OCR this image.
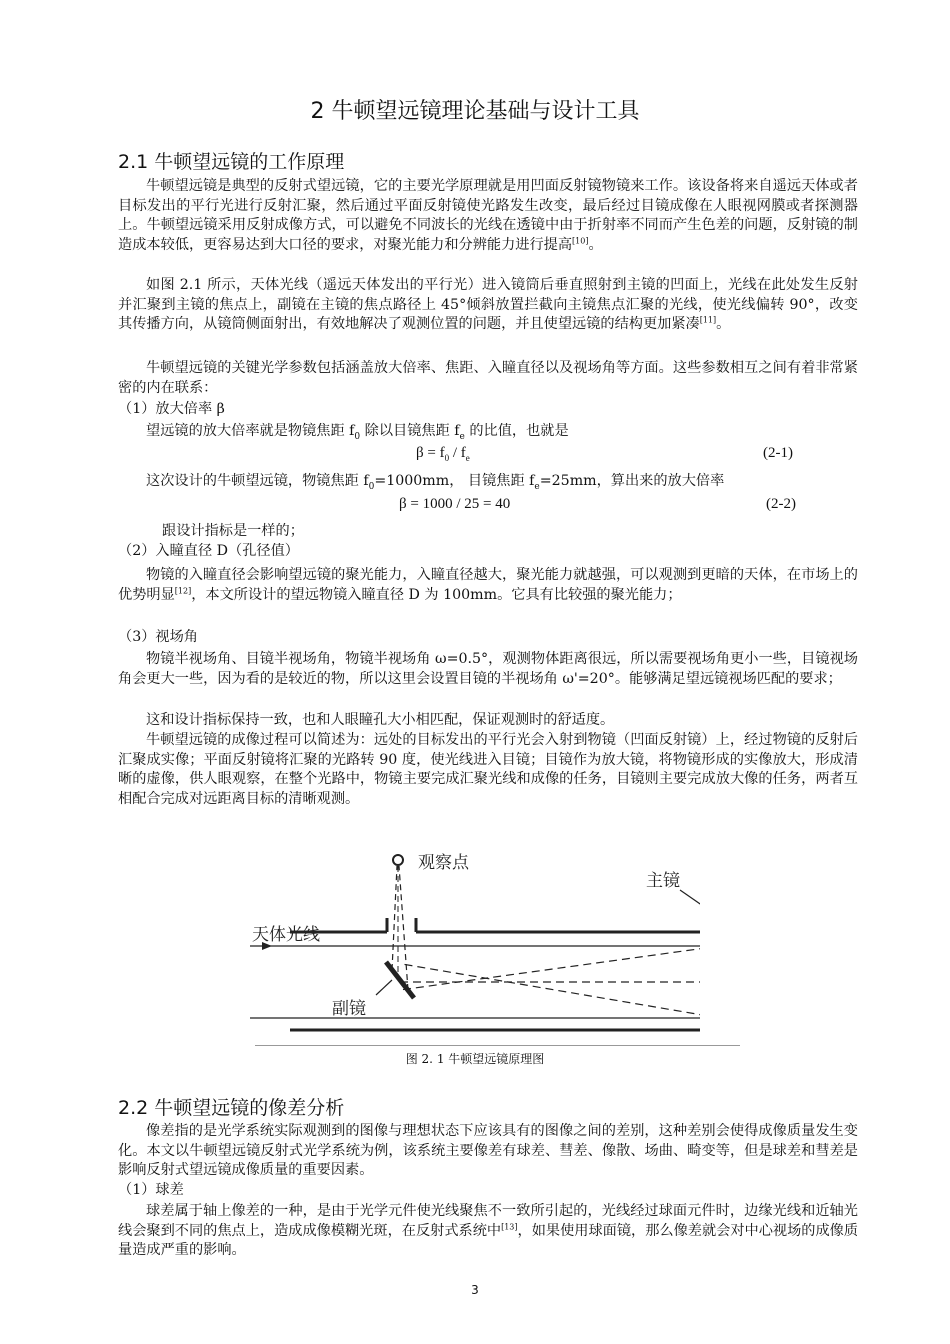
2 牛顿望远镜理论基础与设计工具
2.1 牛顿望远镜的工作原理

牛顿望远镜是典型的反射式望远镜，它的主要光学原理就是用凹面反射镜物镜来工作。该设备将来自遥远天体或者目标发出的平行光进行反射汇聚，然后通过平面反射镜使光路发生改变，最后经过目镜成像在人眼视网膜或者探测器上。牛顿望远镜采用反射成像方式，可以避免不同波长的光线在透镜中由于折射率不同而产生色差的问题，反射镜的制造成本较低，更容易达到大口径的要求，对聚光能力和分辨能力进行提高[10]。

如图 2.1 所示，天体光线（遥远天体发出的平行光）进入镜筒后垂直照射到主镜的凹面上，光线在此处发生反射并汇聚到主镜的焦点上，副镜在主镜的焦点路径上 45°倾斜放置拦截向主镜焦点汇聚的光线，使光线偏转 90°，改变其传播方向，从镜筒侧面射出，有效地解决了观测位置的问题，并且使望远镜的结构更加紧凑[11]。

牛顿望远镜的关键光学参数包括涵盖放大倍率、焦距、入瞳直径以及视场角等方面。这些参数相互之间有着非常紧密的内在联系：

（1）放大倍率 β
望远镜的放大倍率就是物镜焦距 $f_0$ 除以目镜焦距 $f_e$ 的比值，也就是
$\beta = f_0 / f_e$	(2-1)
这次设计的牛顿望远镜，物镜焦距 $f_0=1000mm$， 目镜焦距 $f_e=25mm$，算出来的放大倍率
β = 1000 / 25 = 40	(2-2)
跟设计指标是一样的；
（2）入瞳直径 D（孔径值）

物镜的入瞳直径会影响望远镜的聚光能力，入瞳直径越大，聚光能力就越强，可以观测到更暗的天体，在市场上的优势明显[12]，本文所设计的望远物镜入瞳直径 D 为 100mm。它具有比较强的聚光能力；

（3）视场角

物镜半视场角、目镜半视场角，物镜半视场角 ω=0.5°，观测物体距离很远，所以需要视场角更小一些，目镜视场角会更大一些，因为看的是较近的物，所以这里会设置目镜的半视场角 ω'=20°。能够满足望远镜视场匹配的要求；

这和设计指标保持一致，也和人眼瞳孔大小相匹配，保证观测时的舒适度。

牛顿望远镜的成像过程可以简述为：远处的目标发出的平行光会入射到物镜（凹面反射镜）上，经过物镜的反射后汇聚成实像；平面反射镜将汇聚的光路转 90 度，使光线进入目镜；目镜作为放大镜，将物镜形成的实像放大，形成清晰的虚像，供人眼观察，在整个光路中，物镜主要完成汇聚光线和成像的任务，目镜则主要完成放大像的任务，两者互相配合完成对远距离目标的清晰观测。

观察点
主镜
天体光线
副镜
图 2. 1 牛顿望远镜原理图
2.2 牛顿望远镜的像差分析

像差指的是光学系统实际观测到的图像与理想状态下应该具有的图像之间的差别，这种差别会使得成像质量发生变化。本文以牛顿望远镜反射式光学系统为例，该系统主要像差有球差、彗差、像散、场曲、畸变等，但是球差和彗差是影响反射式望远镜成像质量的重要因素。

（1）球差

球差属于轴上像差的一种，是由于光学元件使光线聚焦不一致所引起的，光线经过球面元件时，边缘光线和近轴光线会聚到不同的焦点上，造成成像模糊光斑，在反射式系统中[13]，如果使用球面镜，那么像差就会对中心视场的成像质量造成严重的影响。

3
